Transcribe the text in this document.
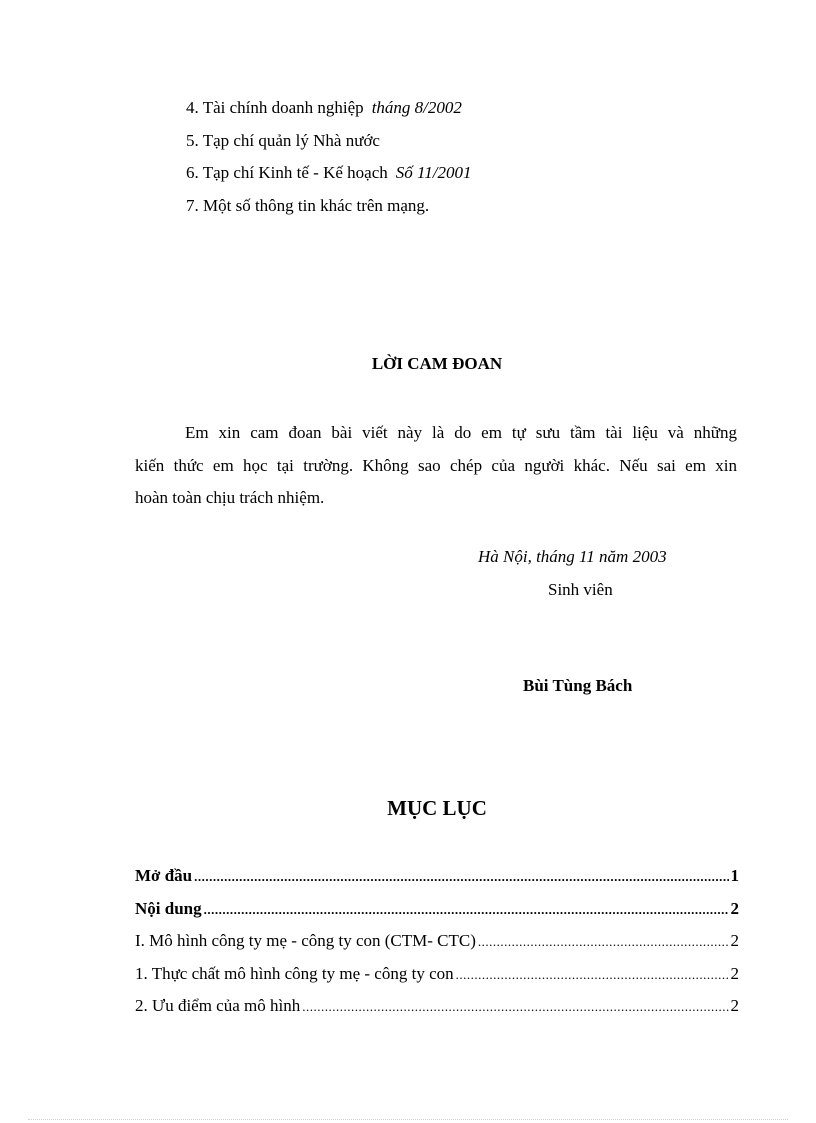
4. Tài chính doanh nghiệp tháng 8/2002
5. Tạp chí quản lý Nhà nước
6. Tạp chí Kinh tế - Kế hoạch Số 11/2001
7. Một số thông tin khác trên mạng.
LỜI CAM ĐOAN
Em xin cam đoan bài viết này là do em tự sưu tầm tài liệu và những
kiến thức em học tại trường. Không sao chép của người khác. Nếu sai em xin
hoàn toàn chịu trách nhiệm.
Hà Nội, tháng 11 năm 2003
Sinh viên
Bùi Tùng Bách
MỤC LỤC
Mở đầu .....	1
Nội dung .....	2
I. Mô hình công ty mẹ - công ty con (CTM- CTC) .....	2
1. Thực chất mô hình công ty mẹ - công ty con .....	2
2. Ưu điểm của mô hình .....	2
